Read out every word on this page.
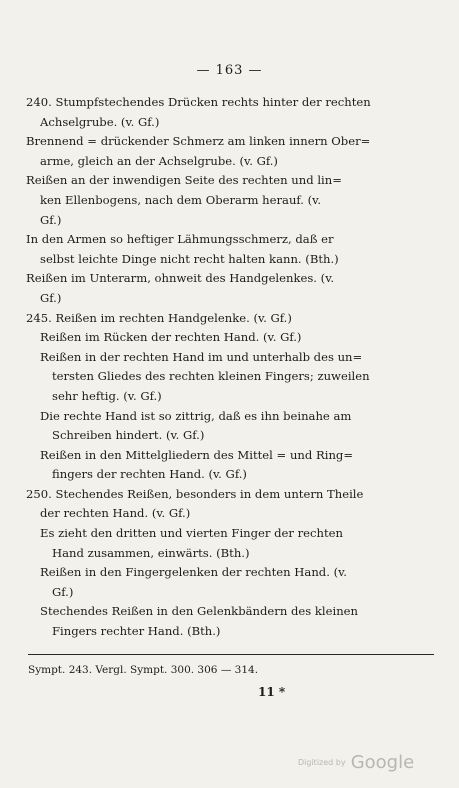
— 163 —
240. Stumpfstechendes Drücken rechts hinter der rechten
Achselgrube. (v. Gf.)
Brennend = drückender Schmerz am linken innern Ober=
arme, gleich an der Achselgrube. (v. Gf.)
Reißen an der inwendigen Seite des rechten und lin=
ken Ellenbogens, nach dem Oberarm herauf. (v.
Gf.)
In den Armen so heftiger Lähmungsschmerz, daß er
selbst leichte Dinge nicht recht halten kann. (Bth.)
Reißen im Unterarm, ohnweit des Handgelenkes. (v.
Gf.)
245. Reißen im rechten Handgelenke. (v. Gf.)
Reißen im Rücken der rechten Hand. (v. Gf.)
Reißen in der rechten Hand im und unterhalb des un=
tersten Gliedes des rechten kleinen Fingers; zuweilen
sehr heftig. (v. Gf.)
Die rechte Hand ist so zittrig, daß es ihn beinahe am
Schreiben hindert. (v. Gf.)
Reißen in den Mittelgliedern des Mittel = und Ring=
fingers der rechten Hand. (v. Gf.)
250. Stechendes Reißen, besonders in dem untern Theile
der rechten Hand. (v. Gf.)
Es zieht den dritten und vierten Finger der rechten
Hand zusammen, einwärts. (Bth.)
Reißen in den Fingergelenken der rechten Hand. (v.
Gf.)
Stechendes Reißen in den Gelenkbändern des kleinen
Fingers rechter Hand. (Bth.)
Sympt. 243. Vergl. Sympt. 300. 306 — 314.
11 *
Digitized by Google
